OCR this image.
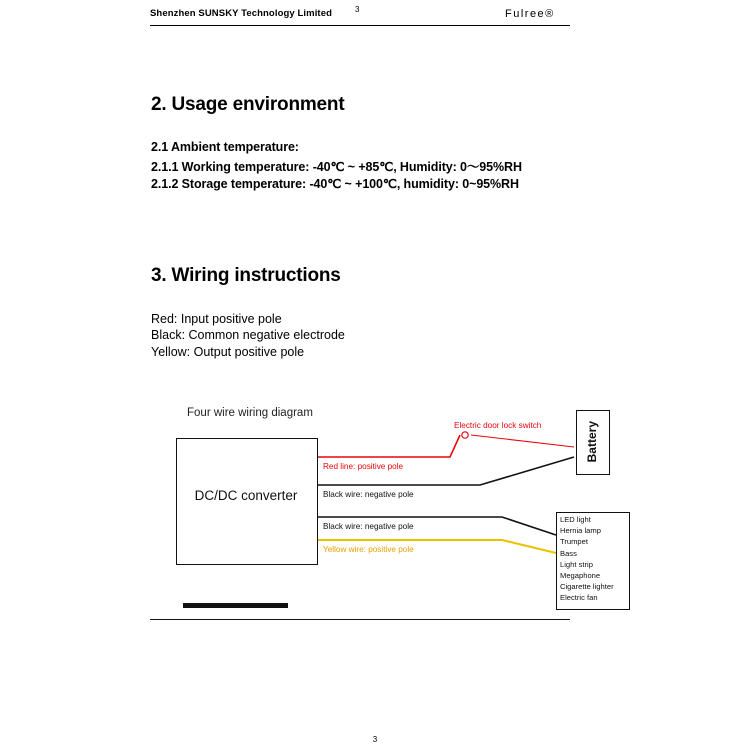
Shenzhen SUNSKY Technology Limited	3	Fulree®
2. Usage environment
2.1 Ambient temperature:
2.1.1 Working temperature: -40℃ ~ +85℃, Humidity: 0～95%RH
2.1.2 Storage temperature: -40℃ ~ +100℃, humidity: 0~95%RH
3. Wiring instructions
Red: Input positive pole
Black: Common negative electrode
Yellow: Output positive pole
Four wire wiring diagram
DC/DC converter
Battery
LED light
Hernia lamp
Trumpet
Bass
Light strip
Megaphone
Cigarette lighter
Electric fan
Red line: positive pole
Black wire: negative pole
Black wire: negative pole
Yellow wire: positive pole
Electric door lock switch
3
